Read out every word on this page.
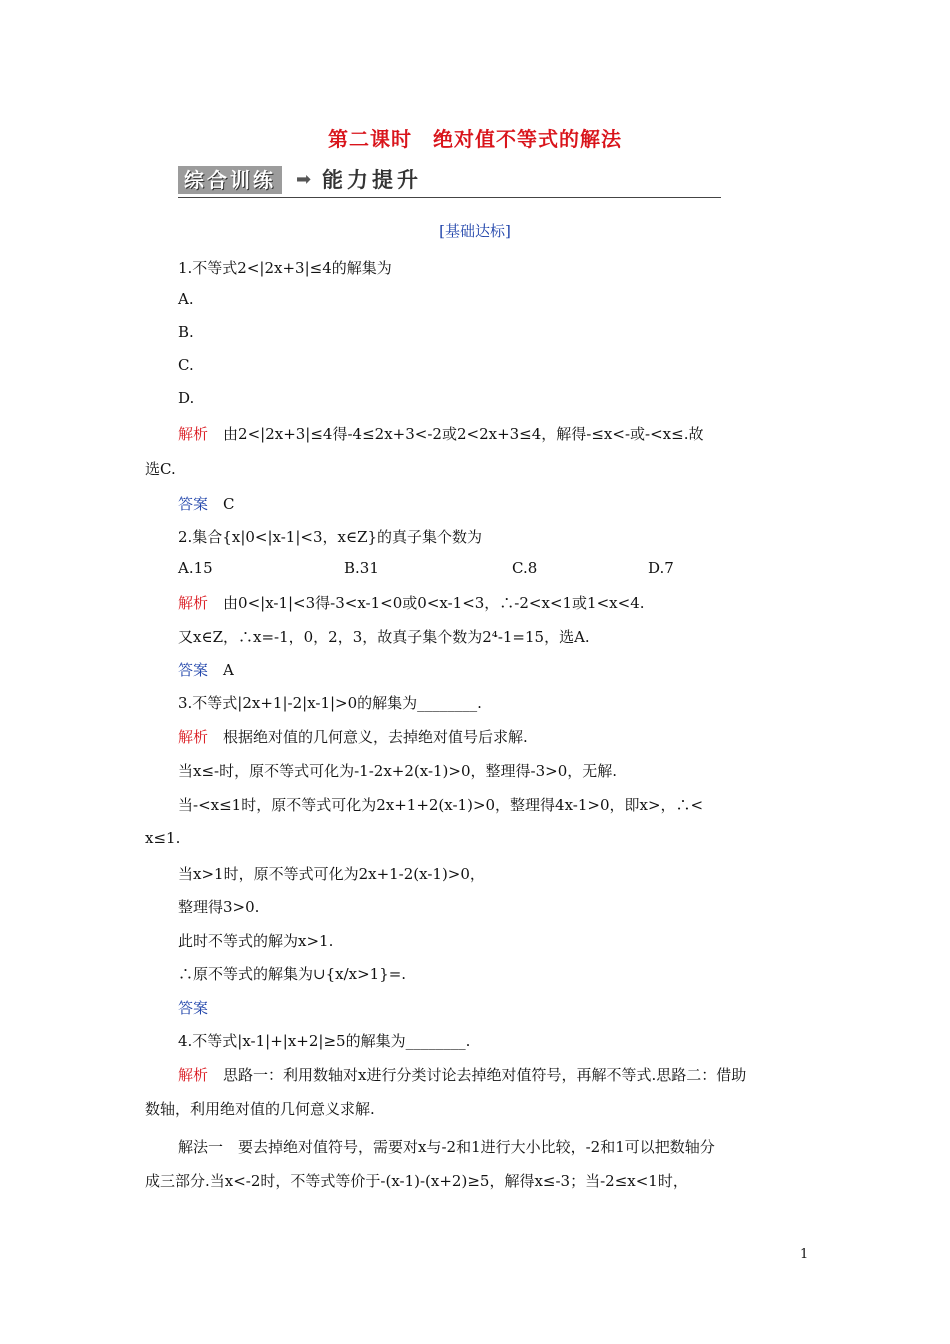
第二课时　绝对值不等式的解法
综合训练	➡ 能力提升
[基础达标]
1.不等式2<|2x+3|≤4的解集为
A.
B.
C.
D.
解析　 由2<|2x+3|≤4得-4≤2x+3<-2或2<2x+3≤4，解得-≤x<-或-<x≤.故
选C.
答案　 C
2.集合{x|0<|x-1|<3，x∈Z}的真子集个数为
A.15	B.31	C.8	D.7
解析　 由0<|x-1|<3得-3<x-1<0或0<x-1<3，∴-2<x<1或1<x<4.
又x∈Z，∴x=-1，0，2，3，故真子集个数为2⁴-1=15，选A.
答案　 A
3.不等式|2x+1|-2|x-1|>0的解集为________.
解析　 根据绝对值的几何意义，去掉绝对值号后求解.
当x≤-时，原不等式可化为-1-2x+2(x-1)>0，整理得-3>0，无解.
当-<x≤1时，原不等式可化为2x+1+2(x-1)>0，整理得4x-1>0，即x>，∴<
x≤1.
当x>1时，原不等式可化为2x+1-2(x-1)>0，
整理得3>0.
此时不等式的解为x>1.
∴原不等式的解集为∪{x/x>1}=.
答案
4.不等式|x-1|+|x+2|≥5的解集为________.
解析　 思路一：利用数轴对x进行分类讨论去掉绝对值符号，再解不等式.思路二：借助
数轴，利用绝对值的几何意义求解.
解法一　要去掉绝对值符号，需要对x与-2和1进行大小比较，-2和1可以把数轴分
成三部分.当x<-2时，不等式等价于-(x-1)-(x+2)≥5，解得x≤-3；当-2≤x<1时，
1
